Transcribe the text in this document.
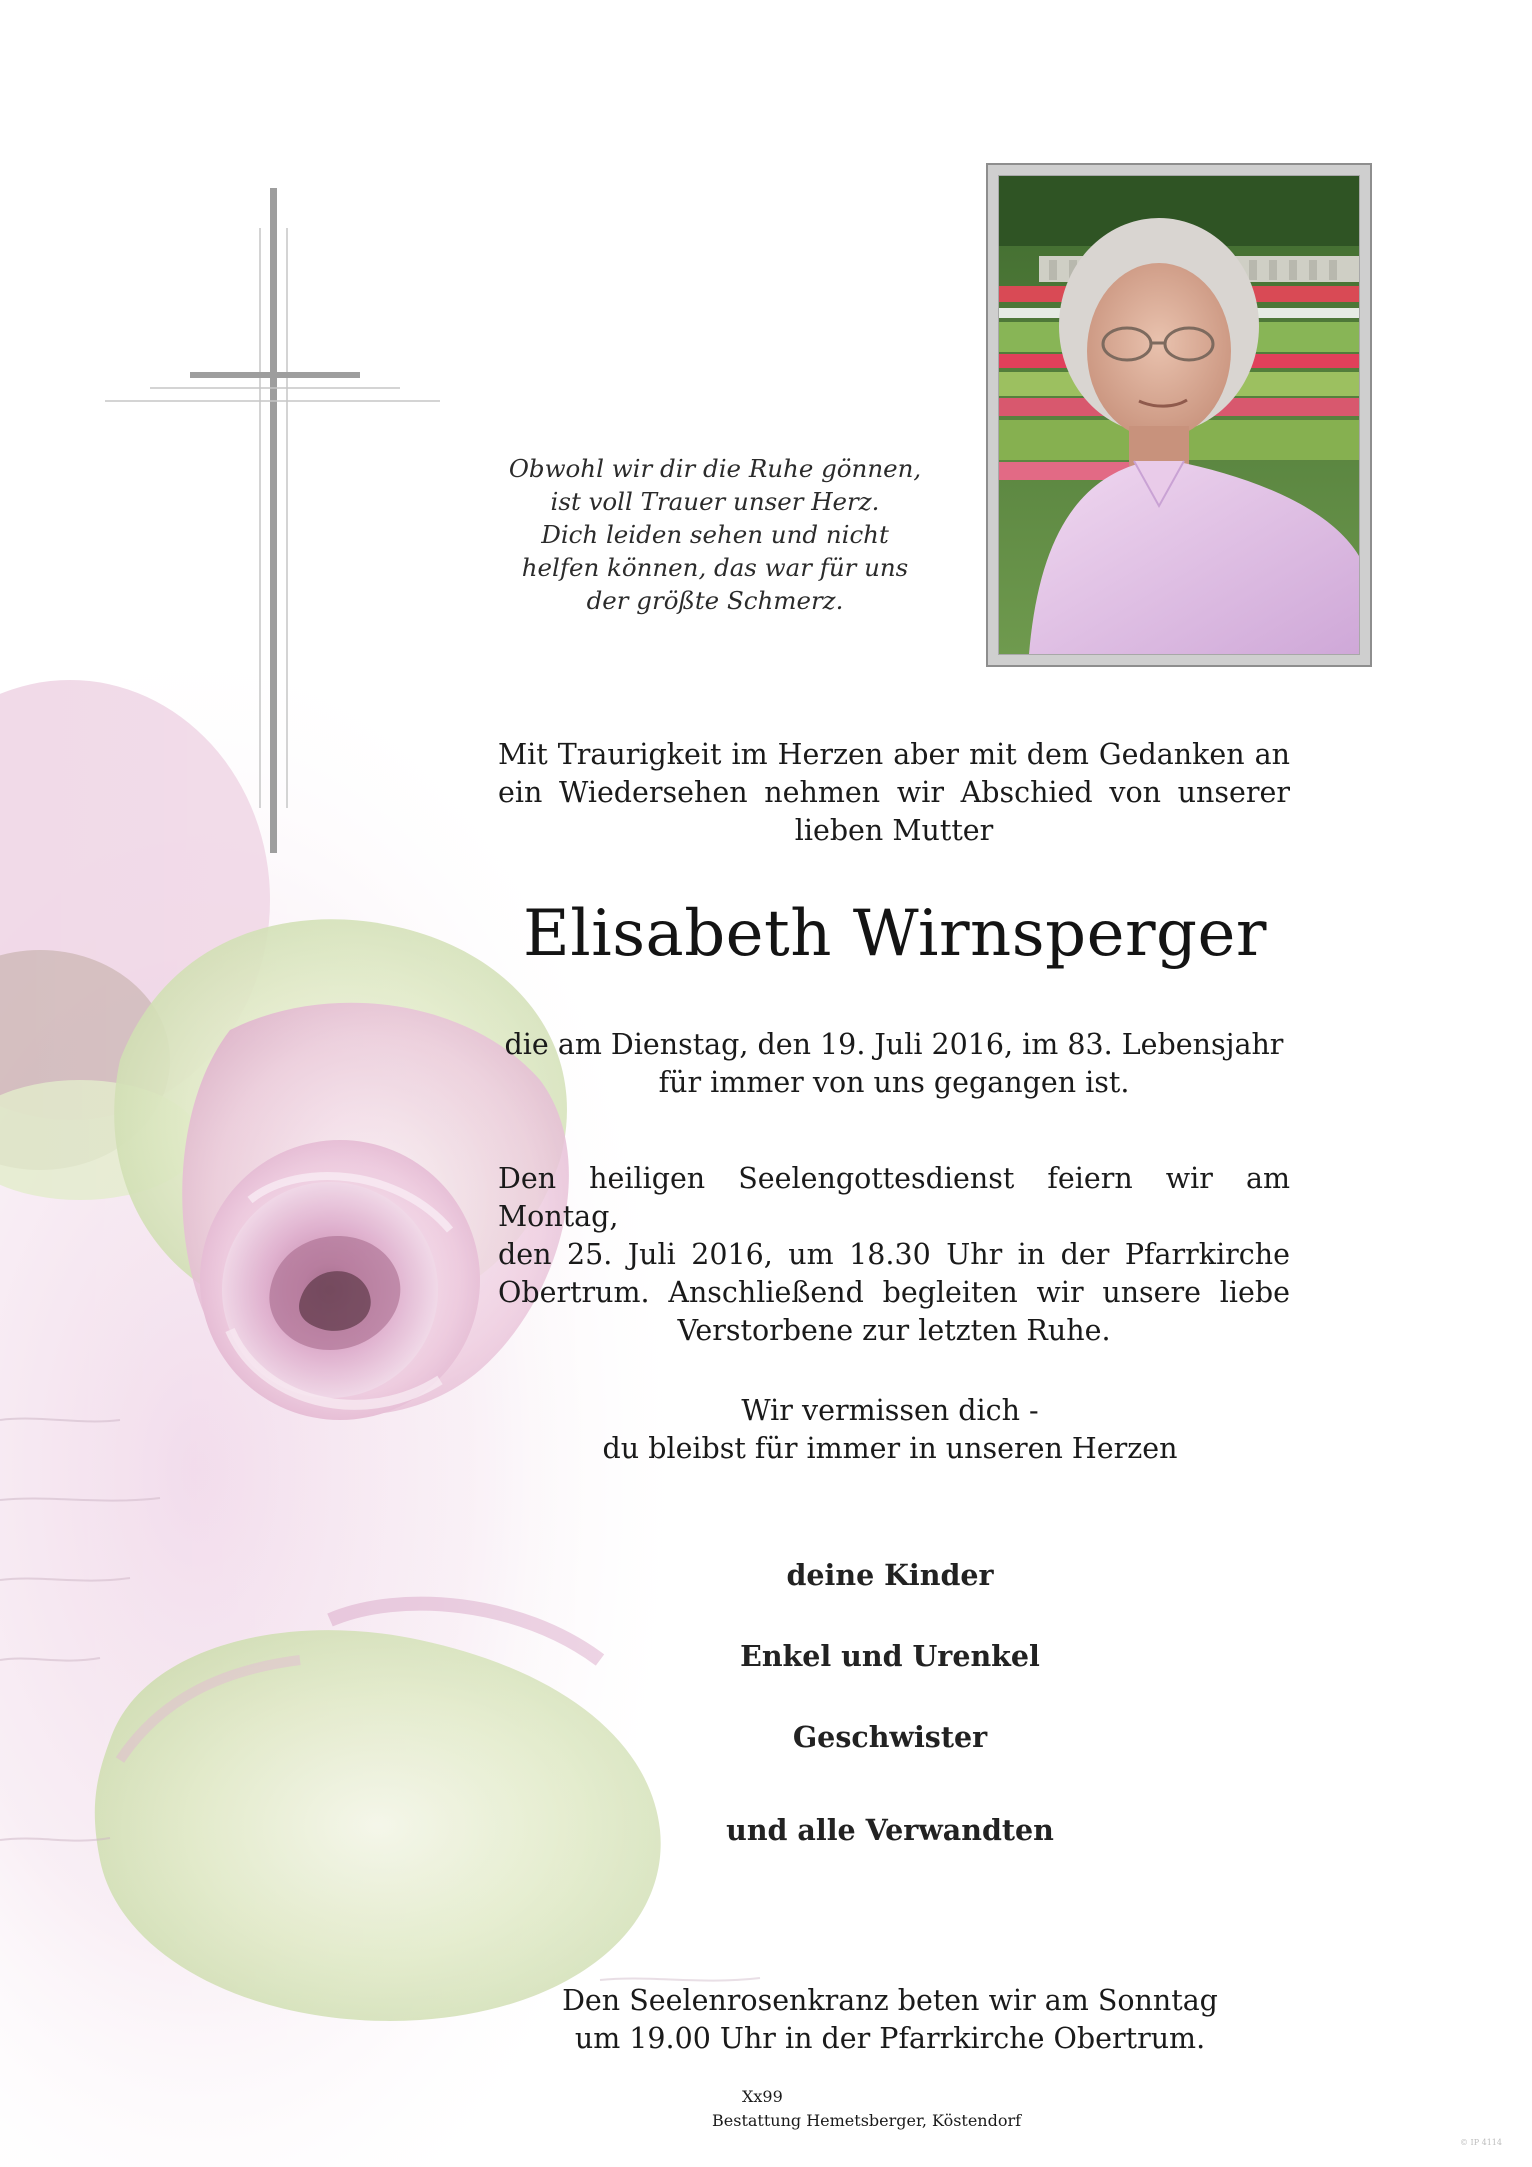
Obwohl wir dir die Ruhe gönnen,
ist voll Trauer unser Herz.
Dich leiden sehen und nicht
helfen können, das war für uns
der größte Schmerz.
Mit Traurigkeit im Herzen aber mit dem Gedanken an
ein Wiedersehen nehmen wir Abschied von unserer
lieben Mutter
Elisabeth Wirnsperger
die am Dienstag, den 19. Juli 2016, im 83. Lebensjahr
für immer von uns gegangen ist.
Den heiligen Seelengottesdienst feiern wir am Montag,
den 25. Juli 2016, um 18.30 Uhr in der Pfarrkirche
Obertrum. Anschließend begleiten wir unsere liebe
Verstorbene zur letzten Ruhe.
Wir vermissen dich -
du bleibst für immer in unseren Herzen
deine Kinder
Enkel und Urenkel
Geschwister
und alle Verwandten
Den Seelenrosenkranz beten wir am Sonntag
um 19.00 Uhr in der Pfarrkirche Obertrum.
Xx99
Bestattung Hemetsberger, Köstendorf
© IP 4114
